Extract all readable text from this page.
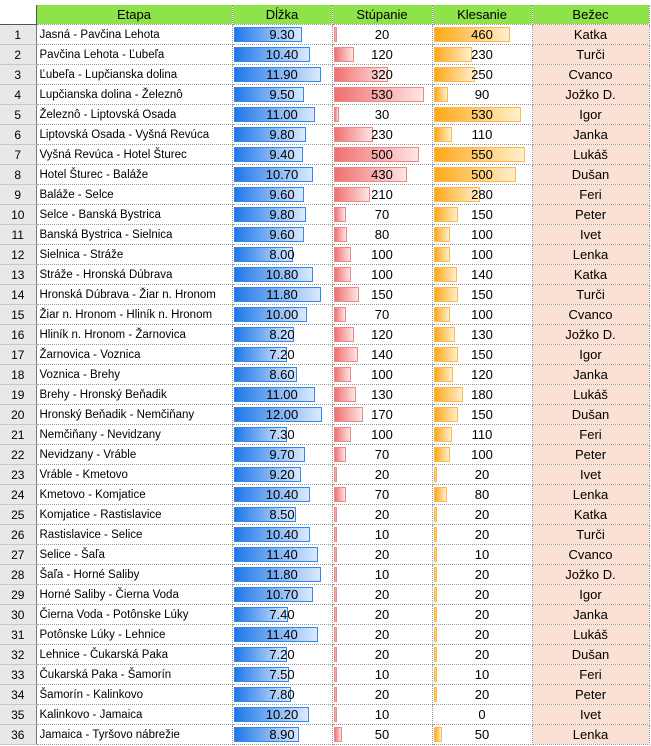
	Etapa	Dĺžka	Stúpanie	Klesanie	Bežec
1	Jasná - Pavčina Lehota	9.30	20	460	Katka
2	Pavčina Lehota - Ľubeľa	10.40	120	230	Turči
3	Ľubeľa - Lupčianska dolina	11.90	320	250	Cvanco
4	Lupčianska dolina - Železnô	9.50	530	90	Jožko D.
5	Železnô - Liptovská Osada	11.00	30	530	Igor
6	Liptovská Osada - Vyšná Revúca	9.80	230	110	Janka
7	Vyšná Revúca - Hotel Šturec	9.40	500	550	Lukáš
8	Hotel Šturec - Baláže	10.70	430	500	Dušan
9	Baláže - Selce	9.60	210	280	Feri
10	Selce - Banská Bystrica	9.80	70	150	Peter
11	Banská Bystrica - Sielnica	9.60	80	100	Ivet
12	Sielnica - Stráže	8.00	100	100	Lenka
13	Stráže - Hronská Dúbrava	10.80	100	140	Katka
14	Hronská Dúbrava - Žiar n. Hronom	11.80	150	150	Turči
15	Žiar n. Hronom - Hliník n. Hronom	10.00	70	100	Cvanco
16	Hliník n. Hronom - Žarnovica	8.20	120	130	Jožko D.
17	Žarnovica - Voznica	7.20	140	150	Igor
18	Voznica - Brehy	8.60	100	120	Janka
19	Brehy - Hronský Beňadik	11.00	130	180	Lukáš
20	Hronský Beňadik - Nemčiňany	12.00	170	150	Dušan
21	Nemčiňany - Nevidzany	7.30	100	110	Feri
22	Nevidzany - Vráble	9.70	70	100	Peter
23	Vráble - Kmetovo	9.20	20	20	Ivet
24	Kmetovo - Komjatice	10.40	70	80	Lenka
25	Komjatice - Rastislavice	8.50	20	20	Katka
26	Rastislavice - Selice	10.40	10	20	Turči
27	Selice - Šaľa	11.40	20	10	Cvanco
28	Šaľa - Horné Saliby	11.80	10	20	Jožko D.
29	Horné Saliby - Čierna Voda	10.70	20	20	Igor
30	Čierna Voda - Potônske Lúky	7.40	20	20	Janka
31	Potônske Lúky - Lehnice	11.40	20	20	Lukáš
32	Lehnice - Čukarská Paka	7.20	20	20	Dušan
33	Čukarská Paka - Šamorín	7.50	10	10	Feri
34	Šamorín - Kalinkovo	7.80	20	20	Peter
35	Kalinkovo - Jamaica	10.20	10	0	Ivet
36	Jamaica - Tyršovo nábrežie	8.90	50	50	Lenka
